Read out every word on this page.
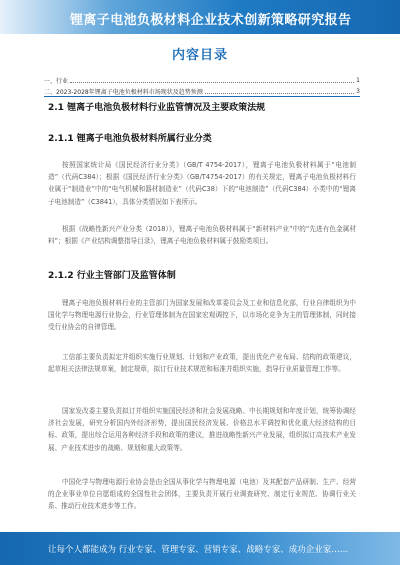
锂离子电池负极材料企业技术创新策略研究报告
内容目录
一、行业	1
二、2023-2028年锂离子电池负极材料市场现状及趋势预测	3
2.1 锂离子电池负极材料行业监管情况及主要政策法规
2.1.1 锂离子电池负极材料所属行业分类
按照国家统计局《国民经济行业分类》（GB/T 4754-2017），锂离子电池负极材料属于“电池制造”（代码C384）；根据《国民经济行业分类》（GB/T4754-2017）的有关规定，锂离子电池负极材料行业属于“制造业”中的“电气机械和器材制造业”（代码C38）下的“电池制造”（代码C384）小类中的“锂离子电池制造”（C3841），具体分类情况如下表所示。
根据《战略性新兴产业分类（2018）》，锂离子电池负极材料属于“新材料产业”中的“先进有色金属材料”；根据《产业结构调整指导目录》，锂离子电池负极材料属于鼓励类项目。
2.1.2 行业主管部门及监管体制
锂离子电池负极材料行业的主管部门为国家发展和改革委员会及工业和信息化部，行业自律组织为中国化学与物理电源行业协会，行业管理体制为在国家宏观调控下，以市场化竞争为主的管理体制，同时接受行业协会的自律管理。
工信部主要负责拟定并组织实施行业规划、计划和产业政策，提出优化产业布局、结构的政策建议，起草相关法律法规草案，制定规章，拟订行业技术规范和标准并组织实施，指导行业质量管理工作等。
国家发改委主要负责拟订并组织实施国民经济和社会发展战略、中长期规划和年度计划，统筹协调经济社会发展，研究分析国内外经济形势，提出国民经济发展、价格总水平调控和优化重大经济结构的目标、政策，提出综合运用各种经济手段和政策的建议，推进战略性新兴产业发展，组织拟订高技术产业发展、产业技术进步的战略、规划和重大政策等。
中国化学与物理电源行业协会是由全国从事化学与物理电源（电池）及其配套产品研制、生产、经营的企业事业单位自愿组成的全国性社会团体，主要负责开展行业调查研究、制定行业规范、协调行业关系、推动行业技术进步等工作。
让每个人都能成为 行业专家、管理专家、营销专家、战略专家、成功企业家……
